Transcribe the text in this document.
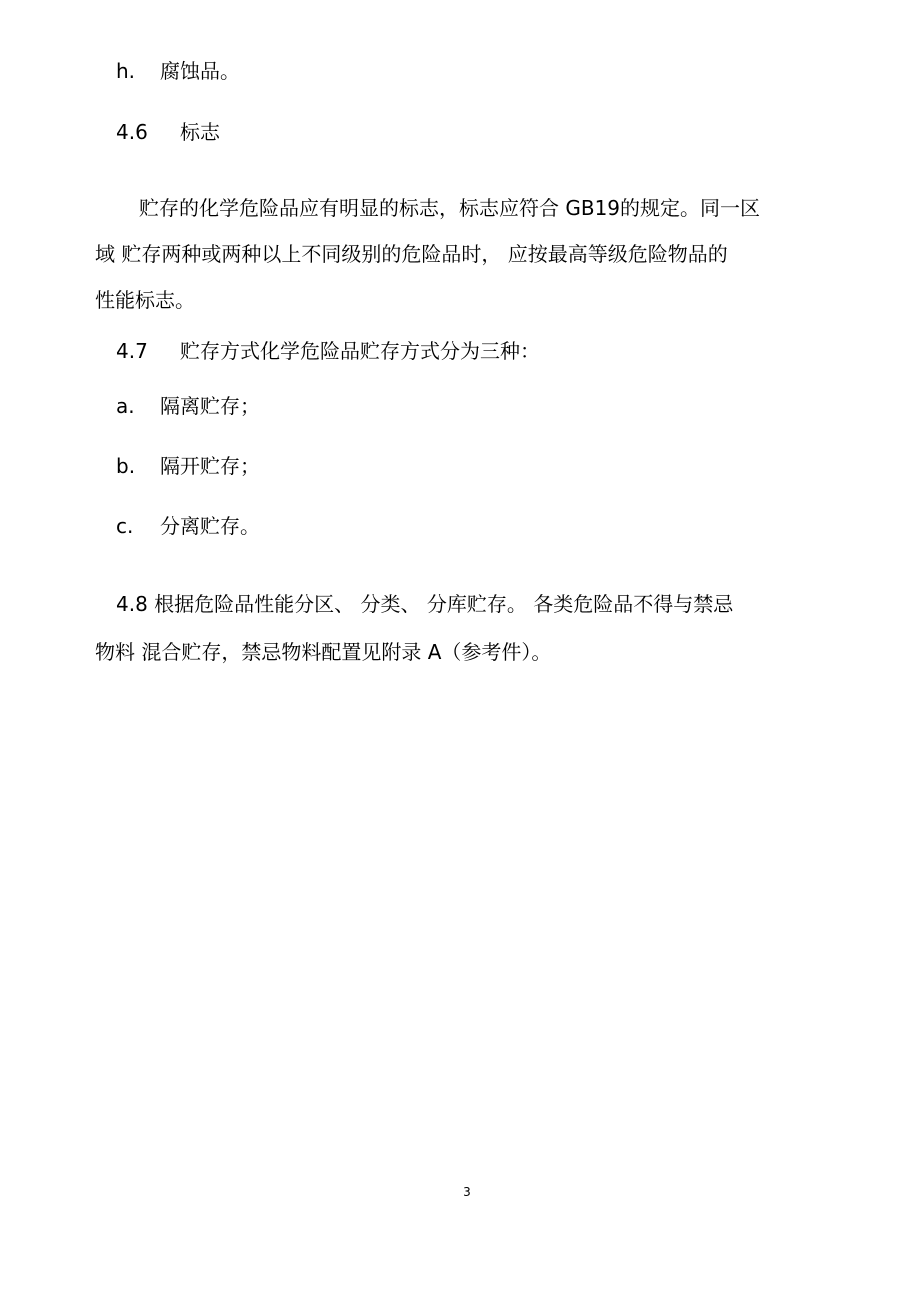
h. 腐蚀品。
4.6 标志
贮存的化学危险品应有明显的标志，标志应符合 GB19的规定。同一区
域 贮存两种或两种以上不同级别的危险品时， 应按最高等级危险物品的
性能标志。
4.7 贮存方式化学危险品贮存方式分为三种：
a. 隔离贮存；
b. 隔开贮存；
c. 分离贮存。
4.8 根据危险品性能分区、 分类、 分库贮存。 各类危险品不得与禁忌
物料 混合贮存，禁忌物料配置见附录 A（参考件）。
3
